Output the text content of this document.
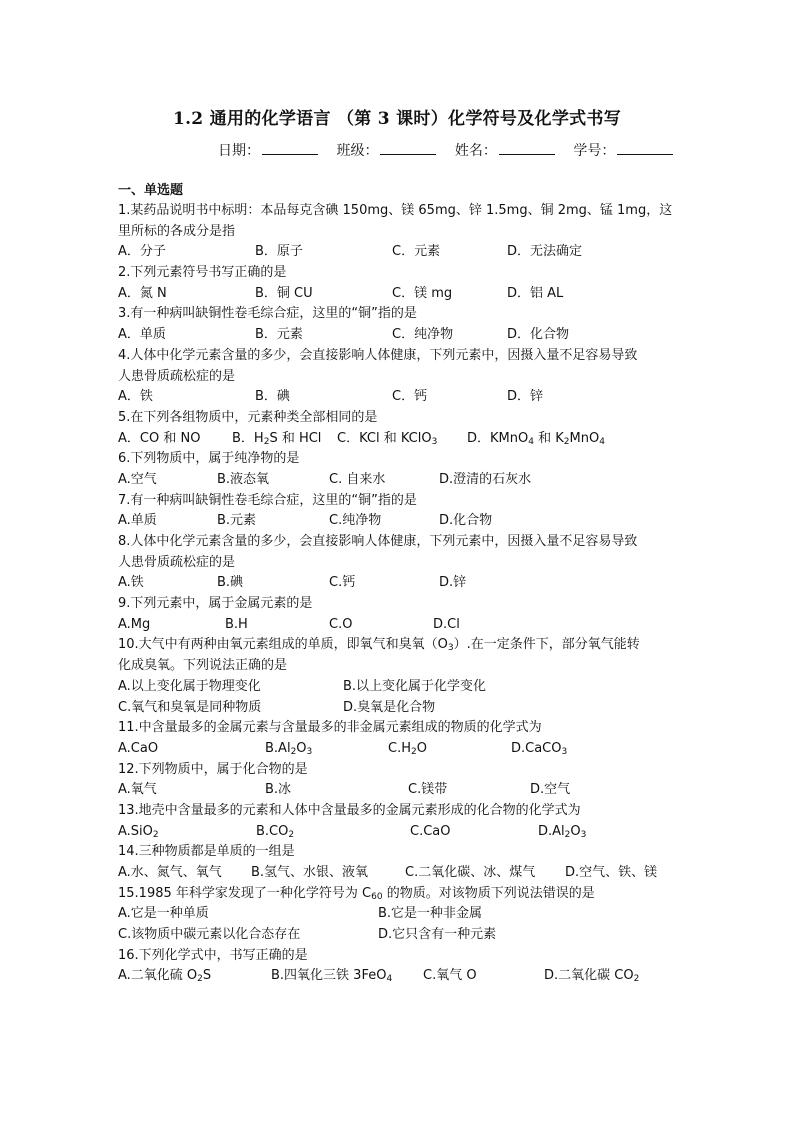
1.2 通用的化学语言 （第 3 课时）化学符号及化学式书写
日期：	班级：	姓名：	学号：
一、单选题
1.某药品说明书中标明：本品每克含碘 150mg、镁 65mg、锌 1.5mg、铜 2mg、锰 1mg，这
里所标的各成分是指
A．分子	B．原子	C．元素	D．无法确定
2.下列元素符号书写正确的是
A．氮 N	B．铜 CU	C．镁 mg	D．铝 AL
3.有一种病叫缺铜性卷毛综合症，这里的“铜”指的是
A．单质	B．元素	C．纯净物	D．化合物
4.人体中化学元素含量的多少，会直接影响人体健康，下列元素中，因摄入量不足容易导致
人患骨质疏松症的是
A．铁	B．碘	C．钙	D．锌
5.在下列各组物质中，元素种类全部相同的是
A．CO 和 NO B．$H_2S$ 和 HCl C．KCl 和 KClO$_3$ D．KMnO$_4$ 和 $K_2MnO_4$
6.下列物质中，属于纯净物的是
A.空气	B.液态氧	C. 自来水	D.澄清的石灰水
7.有一种病叫缺铜性卷毛综合症，这里的“铜”指的是
A.单质	B.元素	C.纯净物	D.化合物
8.人体中化学元素含量的多少，会直接影响人体健康，下列元素中，因摄入量不足容易导致
人患骨质疏松症的是
A.铁	B.碘	C.钙	D.锌
9.下列元素中，属于金属元素的是
A.Mg	B.H	C.O	D.Cl
10.大气中有两种由氧元素组成的单质，即氧气和臭氧$(O_3)$.在一定条件下，部分氧气能转
化成臭氧。下列说法正确的是
A.以上变化属于物理变化	B.以上变化属于化学变化
C.氧气和臭氧是同种物质	D.臭氧是化合物
11.中含量最多的金属元素与含量最多的非金属元素组成的物质的化学式为
A.CaO	$B.Al_2O_3$	$C.H_2O$	D.CaCO$_3$
12.下列物质中，属于化合物的是
A.氧气	B.冰	C.镁带	D.空气
13.地壳中含量最多的元素和人体中含量最多的金属元素形成的化合物的化学式为
A.SiO$_2$	$B.CO_2$	C.CaO	$D.Al_2O_3$
14.三种物质都是单质的一组是
A.水、氮气、氧气 B.氢气、水银、液氧	C.二氧化碳、冰、煤气 D.空气、铁、镁
15.1985 年科学家发现了一种化学符号为 $C_{60}$ 的物质。对该物质下列说法错误的是
A.它是一种单质	B.它是一种非金属
C.该物质中碳元素以化合态存在	D.它只含有一种元素
16.下列化学式中，书写正确的是
A.二氧化硫 $O_2S$	B.四氧化三铁 3FeO$_4$ C.氧气 O	D.二氧化碳 $CO_2$
